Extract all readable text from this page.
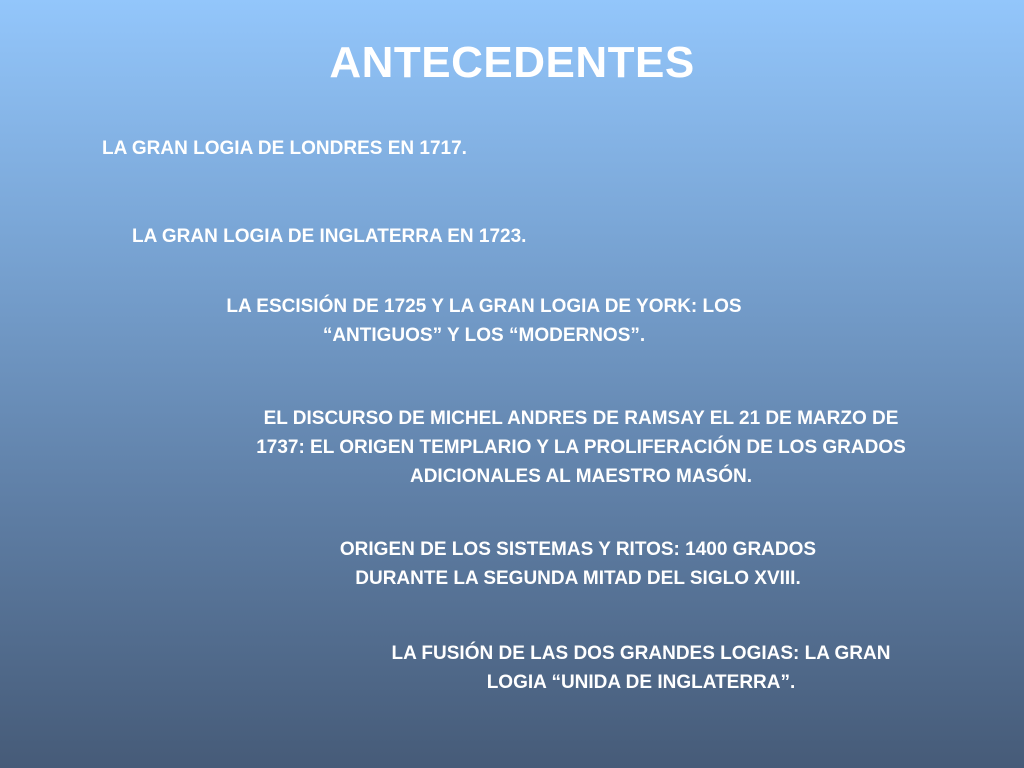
ANTECEDENTES
LA GRAN LOGIA DE LONDRES EN 1717.
LA GRAN LOGIA DE INGLATERRA EN 1723.
LA ESCISIÓN DE 1725 Y LA GRAN LOGIA DE YORK: LOS
“ANTIGUOS” Y LOS “MODERNOS”.
EL DISCURSO DE MICHEL ANDRES DE RAMSAY EL 21 DE MARZO DE
1737: EL ORIGEN TEMPLARIO Y LA PROLIFERACIÓN DE LOS GRADOS
ADICIONALES AL MAESTRO MASÓN.
ORIGEN DE LOS SISTEMAS Y RITOS: 1400 GRADOS
DURANTE LA SEGUNDA MITAD DEL SIGLO XVIII.
LA FUSIÓN DE LAS DOS GRANDES LOGIAS: LA GRAN
LOGIA “UNIDA DE INGLATERRA”.
